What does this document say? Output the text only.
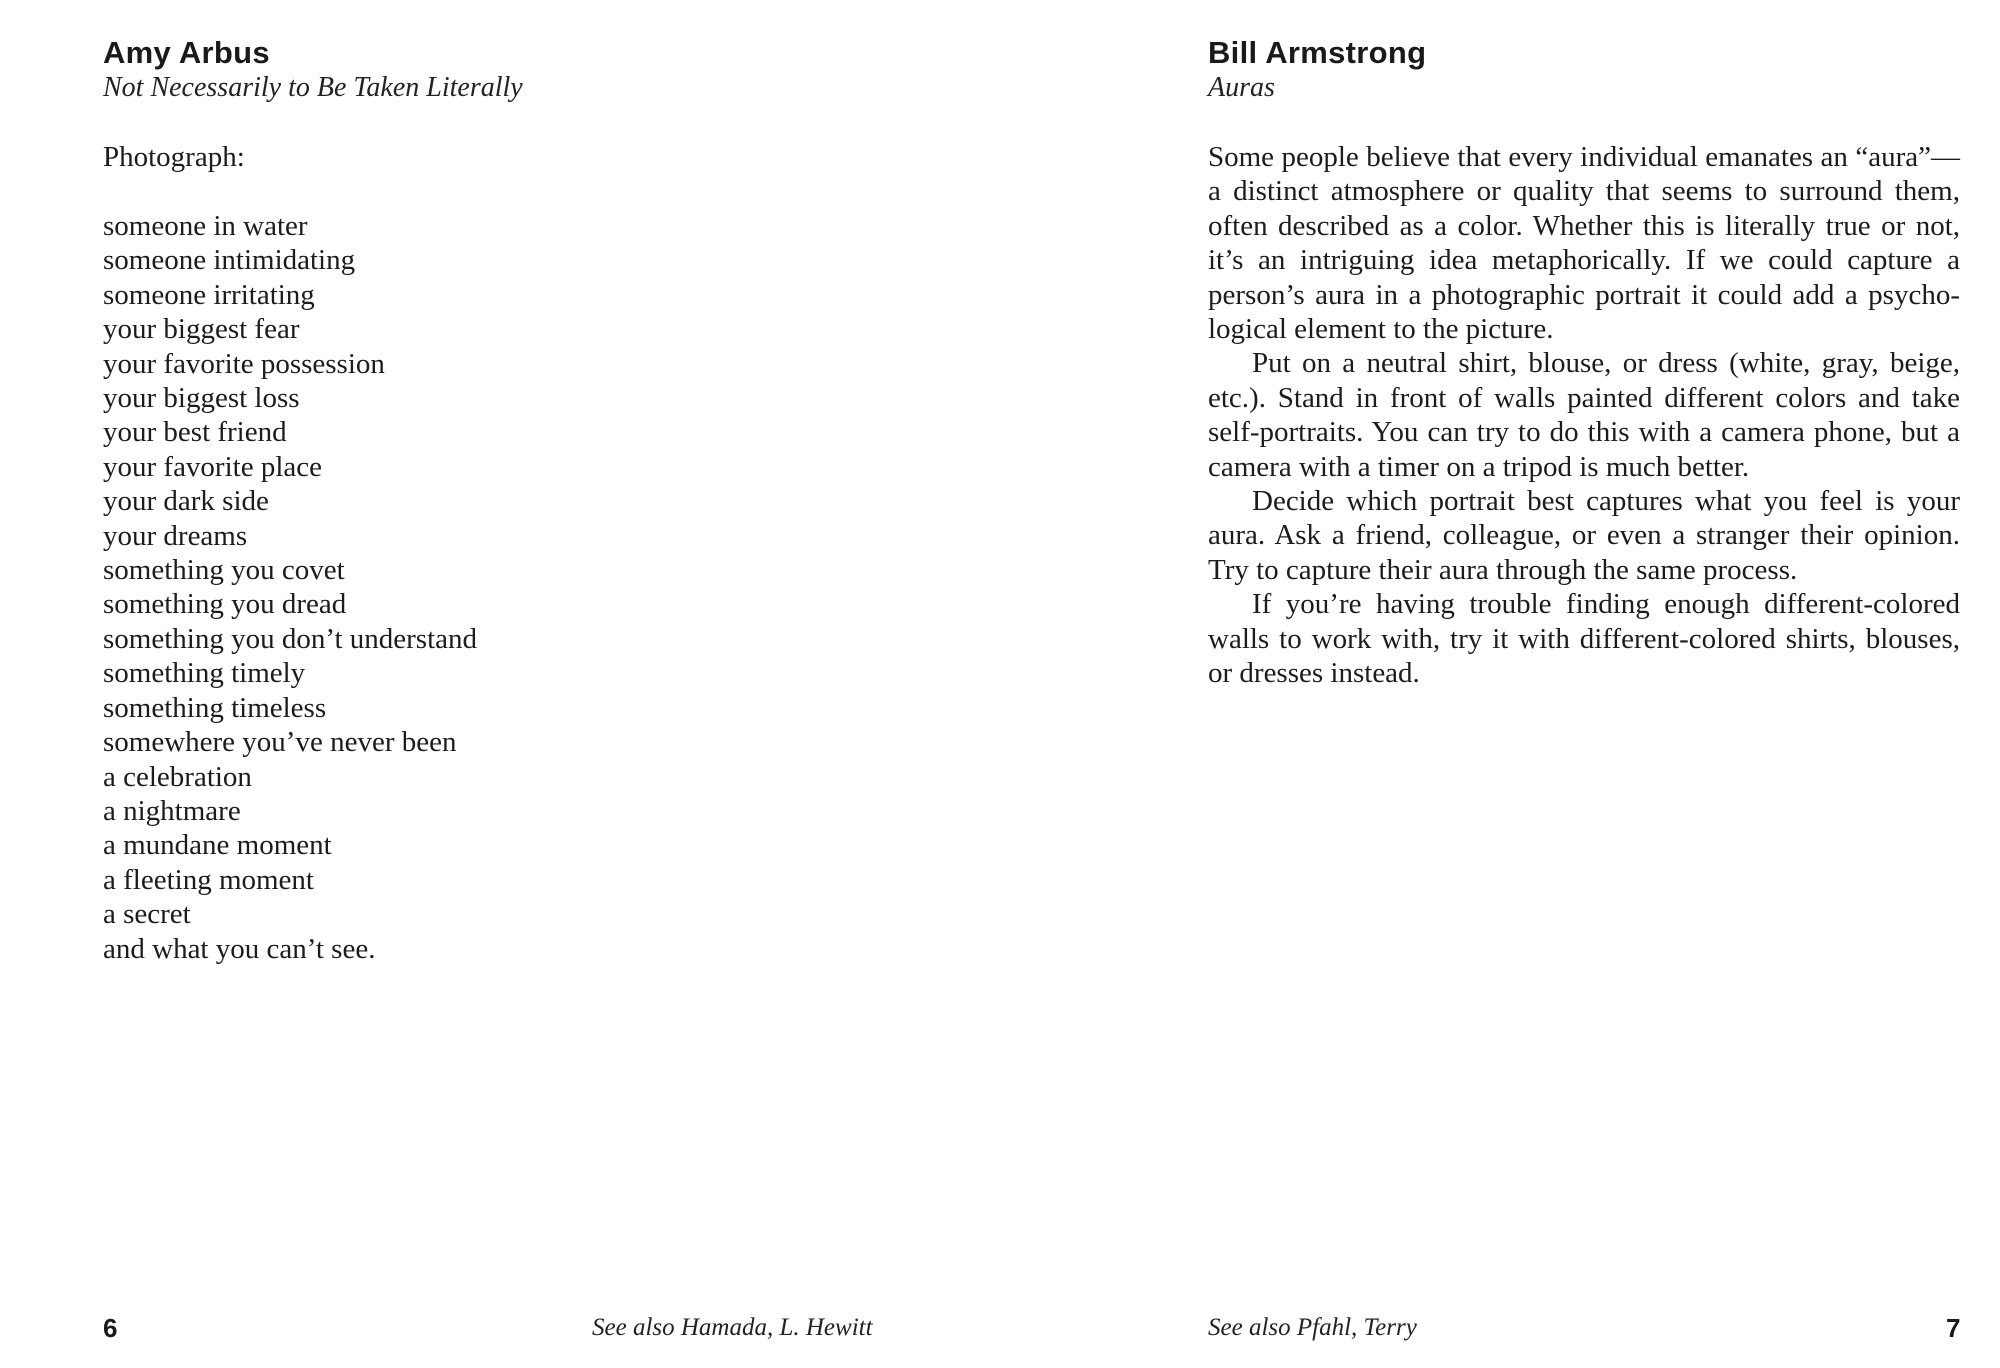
Amy Arbus
Not Necessarily to Be Taken Literally

Photograph:

someone in water
someone intimidating
someone irritating
your biggest fear
your favorite possession
your biggest loss
your best friend
your favorite place
your dark side
your dreams
something you covet
something you dread
something you don’t understand
something timely
something timeless
somewhere you’ve never been
a celebration
a nightmare
a mundane moment
a fleeting moment
a secret
and what you can’t see.
6	See also Hamada, L. Hewitt
Bill Armstrong
Auras

Some people believe that every individual emanates an “aura”—a distinct atmosphere or quality that seems to surround them, often described as a color. Whether this is literally true or not, it’s an intriguing idea metaphorically. If we could capture a person’s aura in a photographic portrait it could add a psycho-logical element to the picture.

Put on a neutral shirt, blouse, or dress (white, gray, beige, etc.). Stand in front of walls painted different colors and take self-portraits. You can try to do this with a camera phone, but a camera with a timer on a tripod is much better.

Decide which portrait best captures what you feel is your aura. Ask a friend, colleague, or even a stranger their opinion. Try to capture their aura through the same process.

If you’re having trouble finding enough different-colored walls to work with, try it with different-colored shirts, blouses, or dresses instead.

See also Pfahl, Terry	7
